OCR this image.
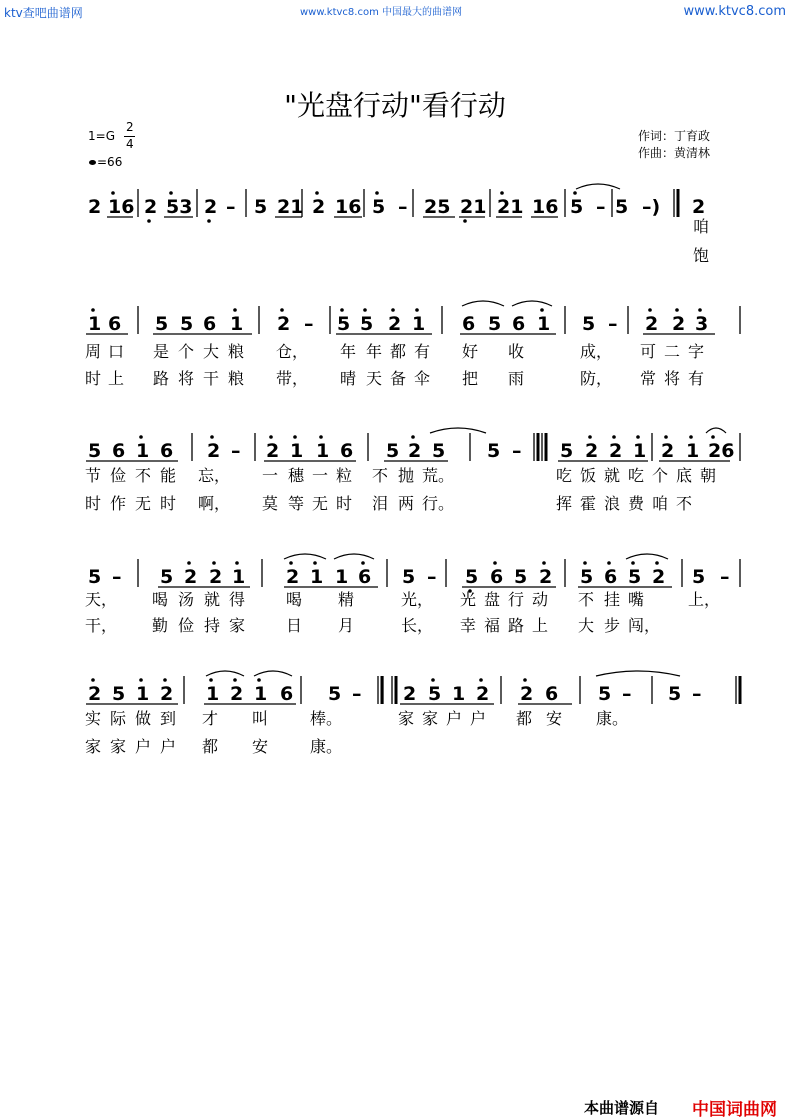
ktv查吧曲谱网	www.ktvc8.com 中国最大的曲谱网	www.ktvc8.com
"光盘行动"看行动
1=G
2
4
=66
作词：丁育政
作曲：黄清林
2 16 2 53 2 – 5 21 2 16 5 – 25 21 21 16 5 – 5 –) 2
1 6 5 5 6 1 2 – 5 5 2 1 6 5 6 1 5 – 2 2 3
5 6 1 6 2 – 2 1 1 6 5 2 5 5 – 5 2 2 1 2 1 26
5 – 5 2 2 1 2 1 1 6 5 – 5 6 5 2 5 6 5 2 5 –
2 5 1 2 1 2 1 6 5 – 2 5 1 2 2 6 5 – 5 –
咱
饱
周 口 是 个 大 粮 仓， 年 年 都 有 好 收	成， 可 二 字
时 上 路 将 干 粮 带， 晴 天 备 伞 把 雨	防， 常 将 有
节 俭 不 能 忘， 一 穗 一 粒 不 抛 荒。	吃 饭 就 吃 个 底 朝
时 作 无 时 啊， 莫 等 无 时 泪 两 行。	挥 霍 浪 费 咱 不
天， 喝 汤 就 得	喝 精	光， 光 盘 行 动 不 挂 嘴	上，
干， 勤 俭 持 家	日 月	长， 幸 福 路 上 大 步 闯，
实 际 做 到 才 叫	棒。	家 家 户 户 都 安 康。
家 家 户 户 都 安	康。
本曲谱源自 中国词曲网
